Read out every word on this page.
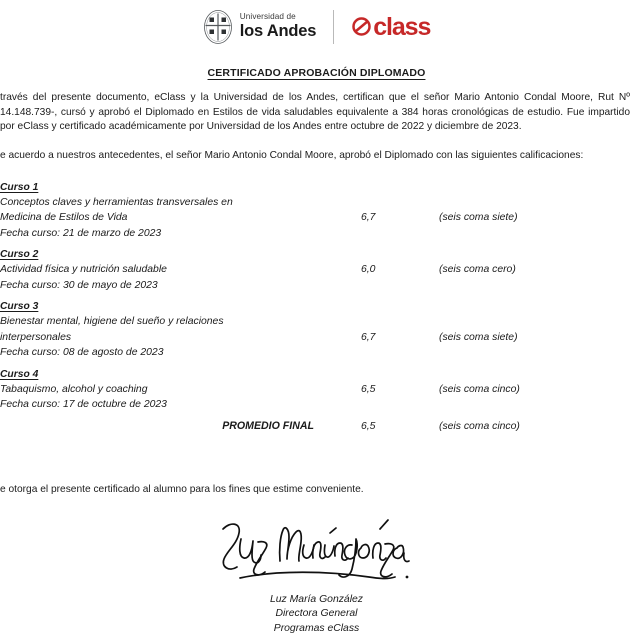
Universidad de
los Andes class
CERTIFICADO APROBACIÓN DIPLOMADO

través del presente documento, eClass y la Universidad de los Andes, certifican que el señor Mario Antonio Condal Moore, Rut Nº 14.148.739-, cursó y aprobó el Diplomado en Estilos de vida saludables equivalente a 384 horas cronológicas de estudio. Fue impartido por eClass y certificado académicamente por Universidad de los Andes entre octubre de 2022 y diciembre de 2023.

e acuerdo a nuestros antecedentes, el señor Mario Antonio Condal Moore, aprobó el Diplomado con las siguientes calificaciones:

Curso 1
Conceptos claves y herramientas transversales en
Medicina de Estilos de Vida
Fecha curso: 21 de marzo de 2023
6,7	(seis coma siete)
Curso 2
Actividad física y nutrición saludable
Fecha curso: 30 de mayo de 2023
6,0	(seis coma cero)
Curso 3
Bienestar mental, higiene del sueño y relaciones
interpersonales
Fecha curso: 08 de agosto de 2023
6,7	(seis coma siete)
Curso 4
Tabaquismo, alcohol y coaching
Fecha curso: 17 de octubre de 2023
6,5	(seis coma cinco)
PROMEDIO FINAL	6,5	(seis coma cinco)

e otorga el presente certificado al alumno para los fines que estime conveniente.

Luz María González
Directora General
Programas eClass
